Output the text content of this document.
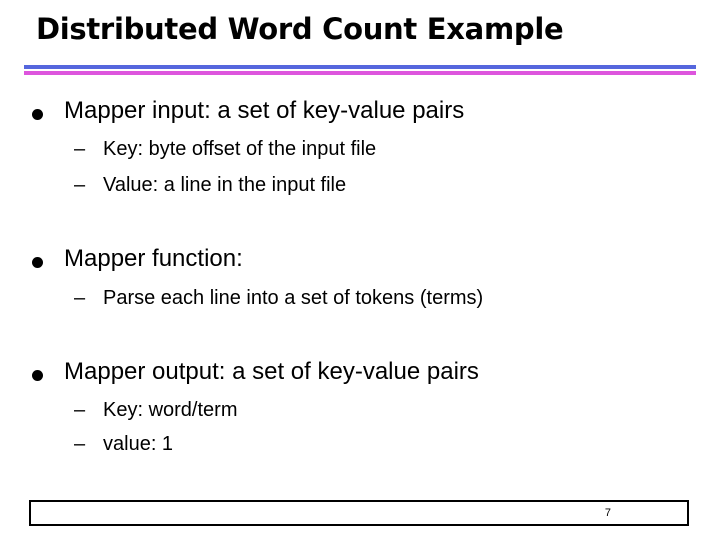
Distributed Word Count Example
Mapper input: a set of key-value pairs
– Key: byte offset of the input file
– Value: a line in the input file
Mapper function:
– Parse each line into a set of tokens (terms)
Mapper output: a set of key-value pairs
– Key: word/term
– value: 1
7
